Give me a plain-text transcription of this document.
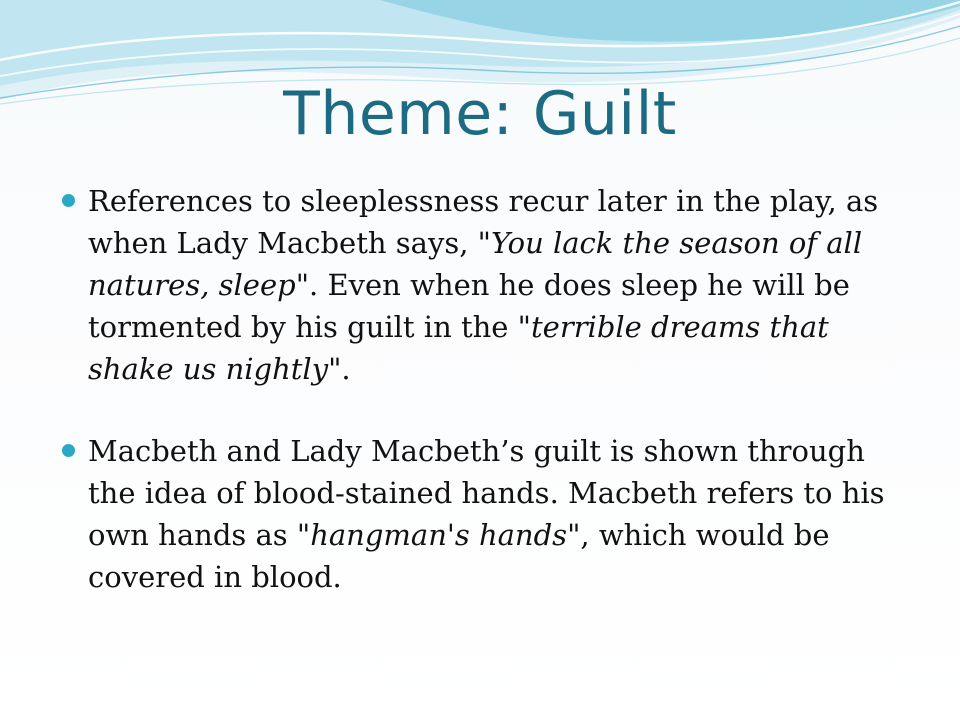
Theme: Guilt
References to sleeplessness recur later in the play, as when Lady Macbeth says, "You lack the season of all natures, sleep". Even when he does sleep he will be tormented by his guilt in the "terrible dreams that shake us nightly".
Macbeth and Lady Macbeth’s guilt is shown through the idea of blood-stained hands. Macbeth refers to his own hands as "hangman's hands", which would be covered in blood.
